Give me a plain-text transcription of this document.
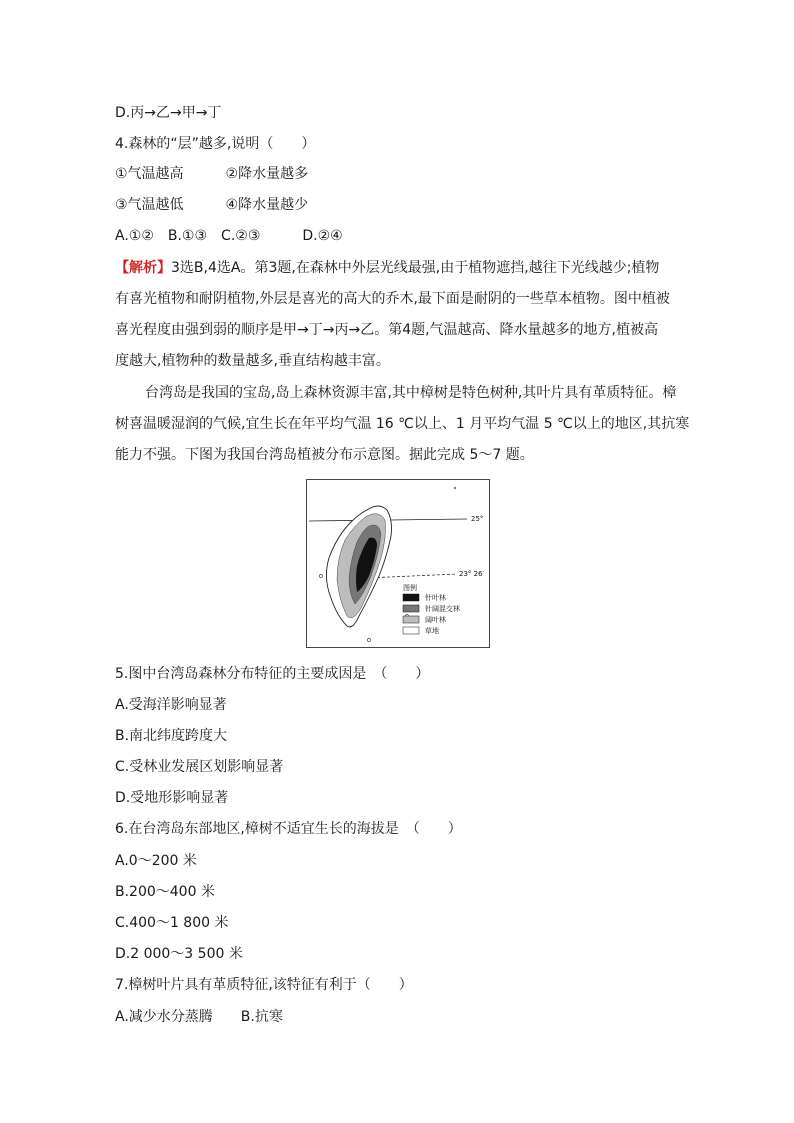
D.丙→乙→甲→丁
4.森林的“层”越多,说明（　　）
①气温越高　　　②降水量越多
③气温越低　　　④降水量越少
A.①②　B.①③　C.②③　　　D.②④
【解析】3选B,4选A。第3题,在森林中外层光线最强,由于植物遮挡,越往下光线越少;植物
有喜光植物和耐阴植物,外层是喜光的高大的乔木,最下面是耐阴的一些草本植物。图中植被
喜光程度由强到弱的顺序是甲→丁→丙→乙。第4题,气温越高、降水量越多的地方,植被高
度越大,植物种的数量越多,垂直结构越丰富。
台湾岛是我国的宝岛,岛上森林资源丰富,其中樟树是特色树种,其叶片具有革质特征。樟
树喜温暖湿润的气候,宜生长在年平均气温 16 ℃以上、1 月平均气温 5 ℃以上的地区,其抗寒
能力不强。下图为我国台湾岛植被分布示意图。据此完成 5～7 题。
25°
23° 26′
图例
针叶林
针阔混交林
阔叶林
草地
5.图中台湾岛森林分布特征的主要成因是　（　　）
A.受海洋影响显著
B.南北纬度跨度大
C.受林业发展区划影响显著
D.受地形影响显著
6.在台湾岛东部地区,樟树不适宜生长的海拔是　（　　）
A.0～200 米
B.200～400 米
C.400～1 800 米
D.2 000～3 500 米
7.樟树叶片具有革质特征,该特征有利于（　　）
A.减少水分蒸腾 B.抗寒
